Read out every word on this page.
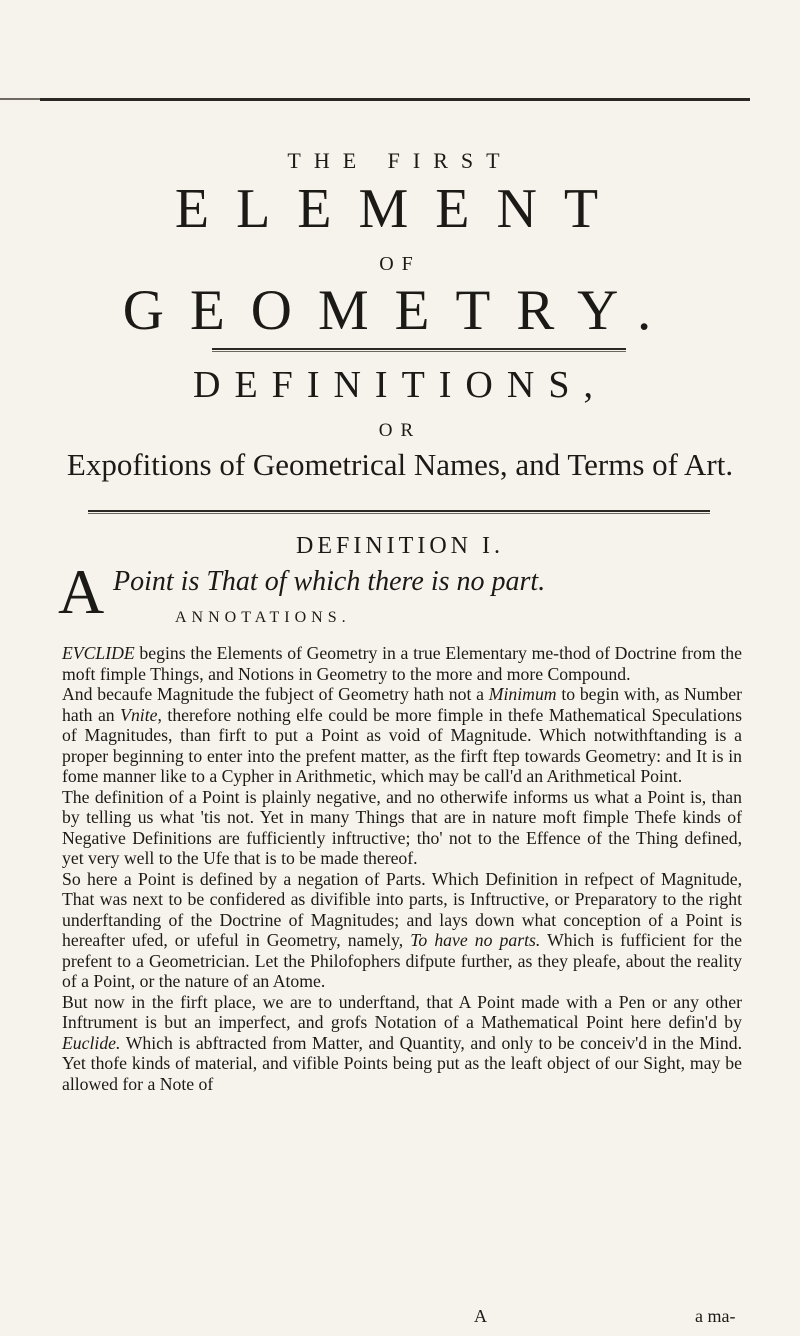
THE FIRST
ELEMENT
OF
GEOMETRY.
DEFINITIONS,
OR
Expofitions of Geometrical Names, and Terms of Art.
DEFINITION I.
A Point is That of which there is no part.
ANNOTATIONS.

EVCLIDE begins the Elements of Geometry in a true Elementary me-thod of Doctrine from the moft fimple Things, and Notions in Geometry to the more and more Compound.

And becaufe Magnitude the fubject of Geometry hath not a Minimum to begin with, as Number hath an Vnite, therefore nothing elfe could be more fimple in thefe Mathematical Speculations of Magnitudes, than firft to put a Point as void of Magnitude. Which notwithftanding is a proper beginning to enter into the prefent matter, as the firft ftep towards Geometry: and It is in fome manner like to a Cypher in Arithmetic, which may be call'd an Arithmetical Point.

The definition of a Point is plainly negative, and no otherwife informs us what a Point is, than by telling us what 'tis not. Yet in many Things that are in nature moft fimple Thefe kinds of Negative Definitions are fufficiently inftructive; tho' not to the Effence of the Thing defined, yet very well to the Ufe that is to be made thereof.

So here a Point is defined by a negation of Parts. Which Definition in refpect of Magnitude, That was next to be confidered as divifible into parts, is Inftructive, or Preparatory to the right underftanding of the Doctrine of Magnitudes; and lays down what conception of a Point is hereafter ufed, or ufeful in Geometry, namely, To have no parts. Which is fufficient for the prefent to a Geometrician. Let the Philofophers difpute further, as they pleafe, about the reality of a Point, or the nature of an Atome.

But now in the firft place, we are to underftand, that A Point made with a Pen or any other Inftrument is but an imperfect, and grofs Notation of a Mathematical Point here defin'd by Euclide. Which is abftracted from Matter, and Quantity, and only to be conceiv'd in the Mind. Yet thofe kinds of material, and vifible Points being put as the leaft object of our Sight, may be allowed for a Note of

A	a ma-
